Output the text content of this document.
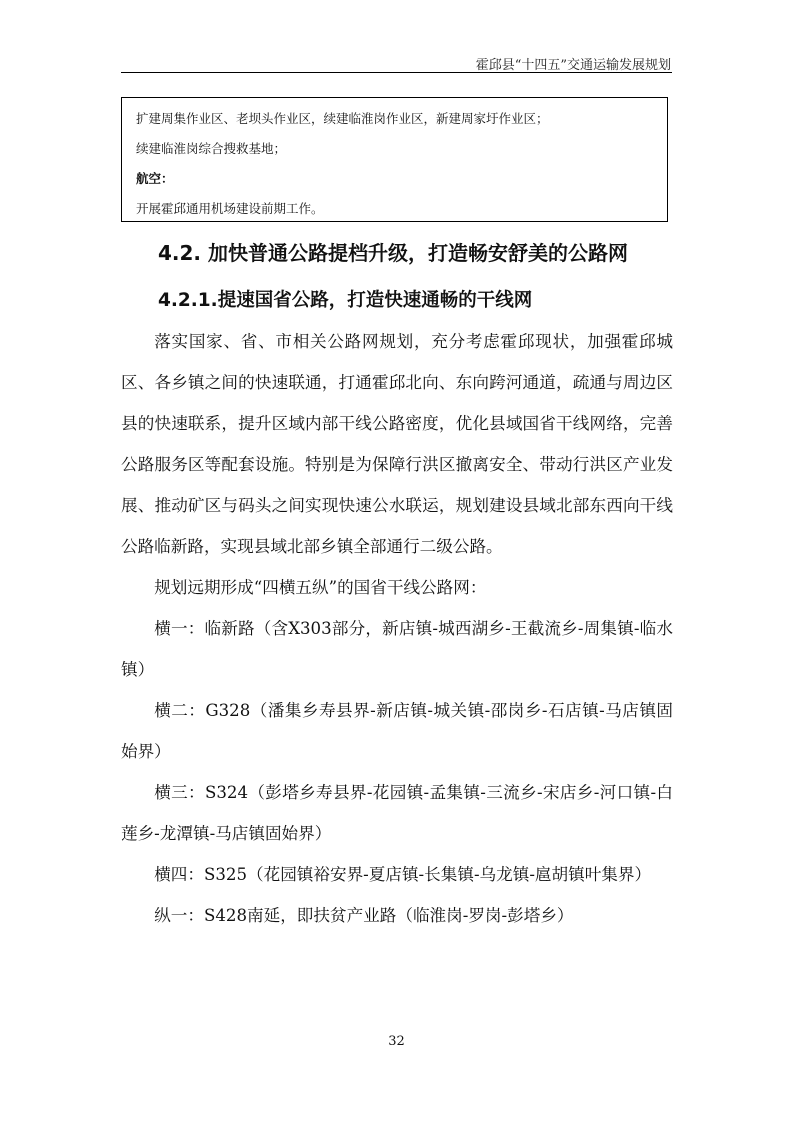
霍邱县“十四五”交通运输发展规划
扩建周集作业区、老坝头作业区，续建临淮岗作业区，新建周家圩作业区；
续建临淮岗综合搜救基地；
航空：
开展霍邱通用机场建设前期工作。
4.2. 加快普通公路提档升级，打造畅安舒美的公路网
4.2.1.提速国省公路，打造快速通畅的干线网

落实国家、省、市相关公路网规划，充分考虑霍邱现状，加强霍邱城区、各乡镇之间的快速联通，打通霍邱北向、东向跨河通道，疏通与周边区县的快速联系，提升区域内部干线公路密度，优化县域国省干线网络，完善公路服务区等配套设施。特别是为保障行洪区撤离安全、带动行洪区产业发展、推动矿区与码头之间实现快速公水联运，规划建设县域北部东西向干线公路临新路，实现县域北部乡镇全部通行二级公路。

规划远期形成“四横五纵”的国省干线公路网：

横一：临新路（含X303部分，新店镇-城西湖乡-王截流乡-周集镇-临水镇）

横二：G328（潘集乡寿县界-新店镇-城关镇-邵岗乡-石店镇-马店镇固始界）

横三：S324（彭塔乡寿县界-花园镇-孟集镇-三流乡-宋店乡-河口镇-白莲乡-龙潭镇-马店镇固始界）

横四：S325（花园镇裕安界-夏店镇-长集镇-乌龙镇-扈胡镇叶集界）

纵一：S428南延，即扶贫产业路（临淮岗-罗岗-彭塔乡）

32
